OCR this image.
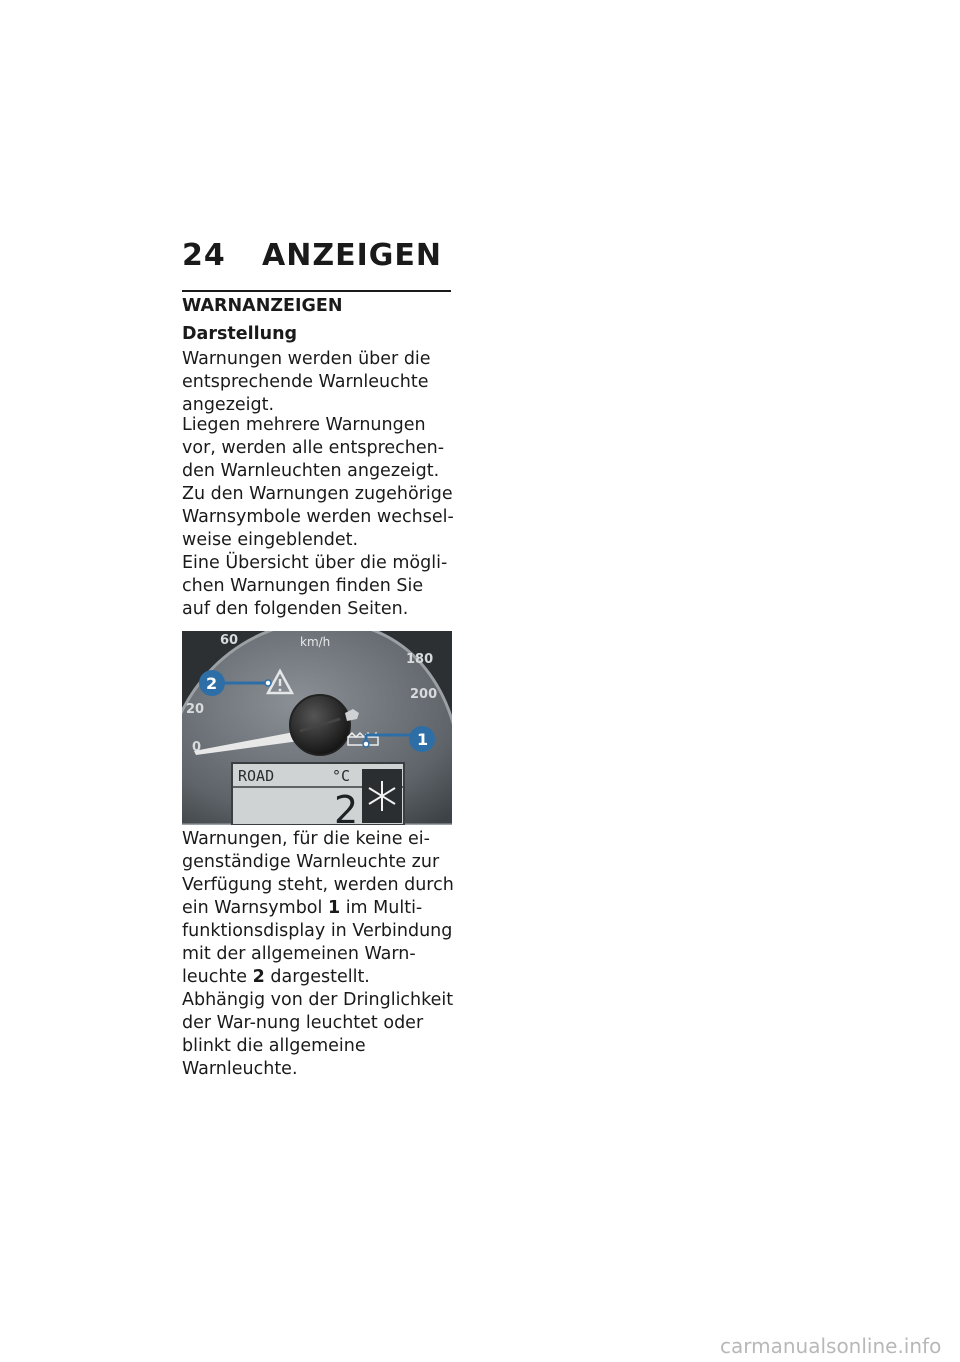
24 ANZEIGEN
WARNANZEIGEN
Darstellung

Warnungen werden über die entsprechende Warnleuchte angezeigt.

Liegen mehrere Warnungen vor, werden alle entsprechen-den Warnleuchten angezeigt.

Zu den Warnungen zugehörige Warnsymbole werden wechsel-weise eingeblendet.

Eine Übersicht über die mögli-chen Warnungen finden Sie auf den folgenden Seiten.

km/h
60
20
0
180
200
ROAD	°C
2
2
1

Warnungen, für die keine ei-genständige Warnleuchte zur Verfügung steht, werden durch ein Warnsymbol 1 im Multi-funktionsdisplay in Verbindung mit der allgemeinen Warn-leuchte 2 dargestellt. Abhängig von der Dringlichkeit der War-nung leuchtet oder blinkt die allgemeine Warnleuchte.

carmanualsonline.info
